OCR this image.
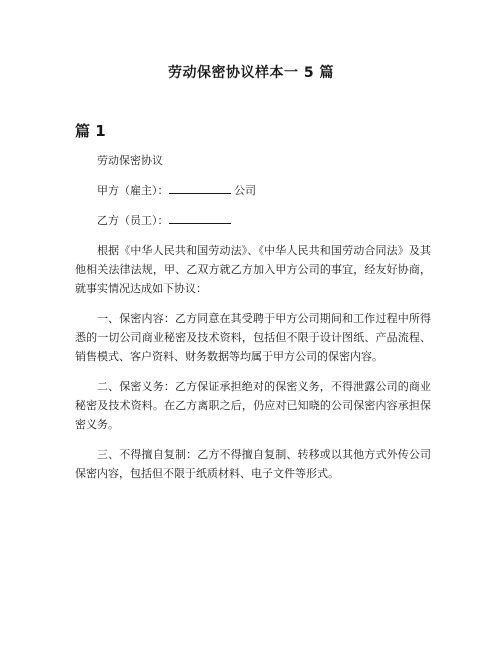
劳动保密协议样本一 5 篇
篇 1

劳动保密协议

甲方（雇主）：	公司

乙方（员工）：

根据《中华人民共和国劳动法》、《中华人民共和国劳动合同法》及其他相关法律法规，甲、乙双方就乙方加入甲方公司的事宜，经友好协商，就事实情况达成如下协议：

一、保密内容：乙方同意在其受聘于甲方公司期间和工作过程中所得悉的一切公司商业秘密及技术资料，包括但不限于设计图纸、产品流程、销售模式、客户资料、财务数据等均属于甲方公司的保密内容。

二、保密义务：乙方保证承担绝对的保密义务，不得泄露公司的商业秘密及技术资料。在乙方离职之后，仍应对已知晓的公司保密内容承担保密义务。

三、不得擅自复制：乙方不得擅自复制、转移或以其他方式外传公司保密内容，包括但不限于纸质材料、电子文件等形式。
